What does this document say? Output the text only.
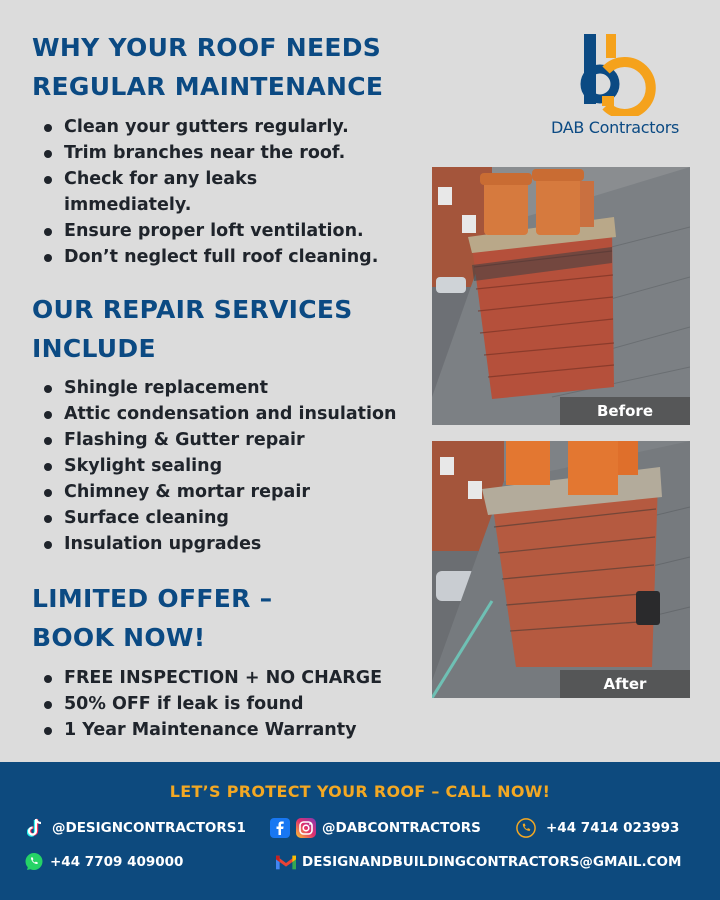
WHY YOUR ROOF NEEDS
REGULAR MAINTENANCE
Clean your gutters regularly.
Trim branches near the roof.
Check for any leaks immediately.
Ensure proper loft ventilation.
Don’t neglect full roof cleaning.
OUR REPAIR SERVICES
INCLUDE
Shingle replacement
Attic condensation and insulation
Flashing & Gutter repair
Skylight sealing
Chimney & mortar repair
Surface cleaning
Insulation upgrades
LIMITED OFFER –
BOOK NOW!
FREE INSPECTION + NO CHARGE
50% OFF if leak is found
1 Year Maintenance Warranty
DAB Contractors
Before
After
LET’S PROTECT YOUR ROOF – CALL NOW!
@DESIGNCONTRACTORS1	@DABCONTRACTORS	+44 7414 023993
+44 7709 409000	DESIGNANDBUILDINGCONTRACTORS@GMAIL.COM
